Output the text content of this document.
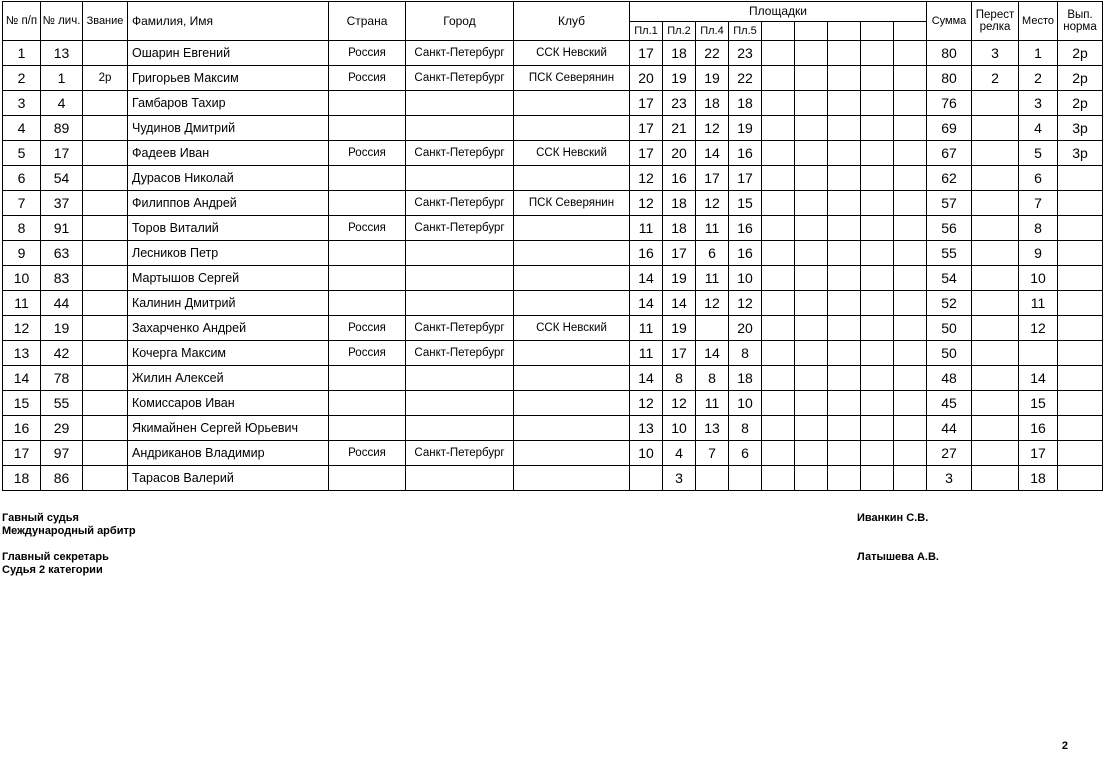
№ п/п	№ лич.	Звание	Фамилия, Имя	Страна	Город	Клуб	Площадки									Сумма	Перест релка	Место	Вып. норма
							Пл.1	Пл.2	Пл.4	Пл.5									
1	13		Ошарин Евгений	Россия	Санкт-Петербург	ССК Невский	17	18	22	23						80	3	1	2р
2	1	2р	Григорьев Максим	Россия	Санкт-Петербург	ПСК Северянин	20	19	19	22						80	2	2	2р
3	4		Гамбаров Тахир				17	23	18	18						76		3	2р
4	89		Чудинов Дмитрий				17	21	12	19						69		4	3р
5	17		Фадеев Иван	Россия	Санкт-Петербург	ССК Невский	17	20	14	16						67		5	3р
6	54		Дурасов Николай				12	16	17	17						62		6	
7	37		Филиппов Андрей		Санкт-Петербург	ПСК Северянин	12	18	12	15						57		7	
8	91		Торов Виталий	Россия	Санкт-Петербург		11	18	11	16						56		8	
9	63		Лесников Петр				16	17	6	16						55		9	
10	83		Мартышов Сергей				14	19	11	10						54		10	
11	44		Калинин Дмитрий				14	14	12	12						52		11	
12	19		Захарченко Андрей	Россия	Санкт-Петербург	ССК Невский	11	19		20						50		12	
13	42		Кочерга Максим	Россия	Санкт-Петербург		11	17	14	8						50			
14	78		Жилин Алексей				14	8	8	18						48		14	
15	55		Комиссаров Иван				12	12	11	10						45		15	
16	29		Якимайнен Сергей Юрьевич				13	10	13	8						44		16	
17	97		Андриканов Владимир	Россия	Санкт-Петербург		10	4	7	6						27		17	
18	86		Тарасов Валерий					3								3		18	
Гавный судья
Международный арбитр
Иванкин С.В.
Главный секретарь
Судья 2 категории
Латышева А.В.
2
